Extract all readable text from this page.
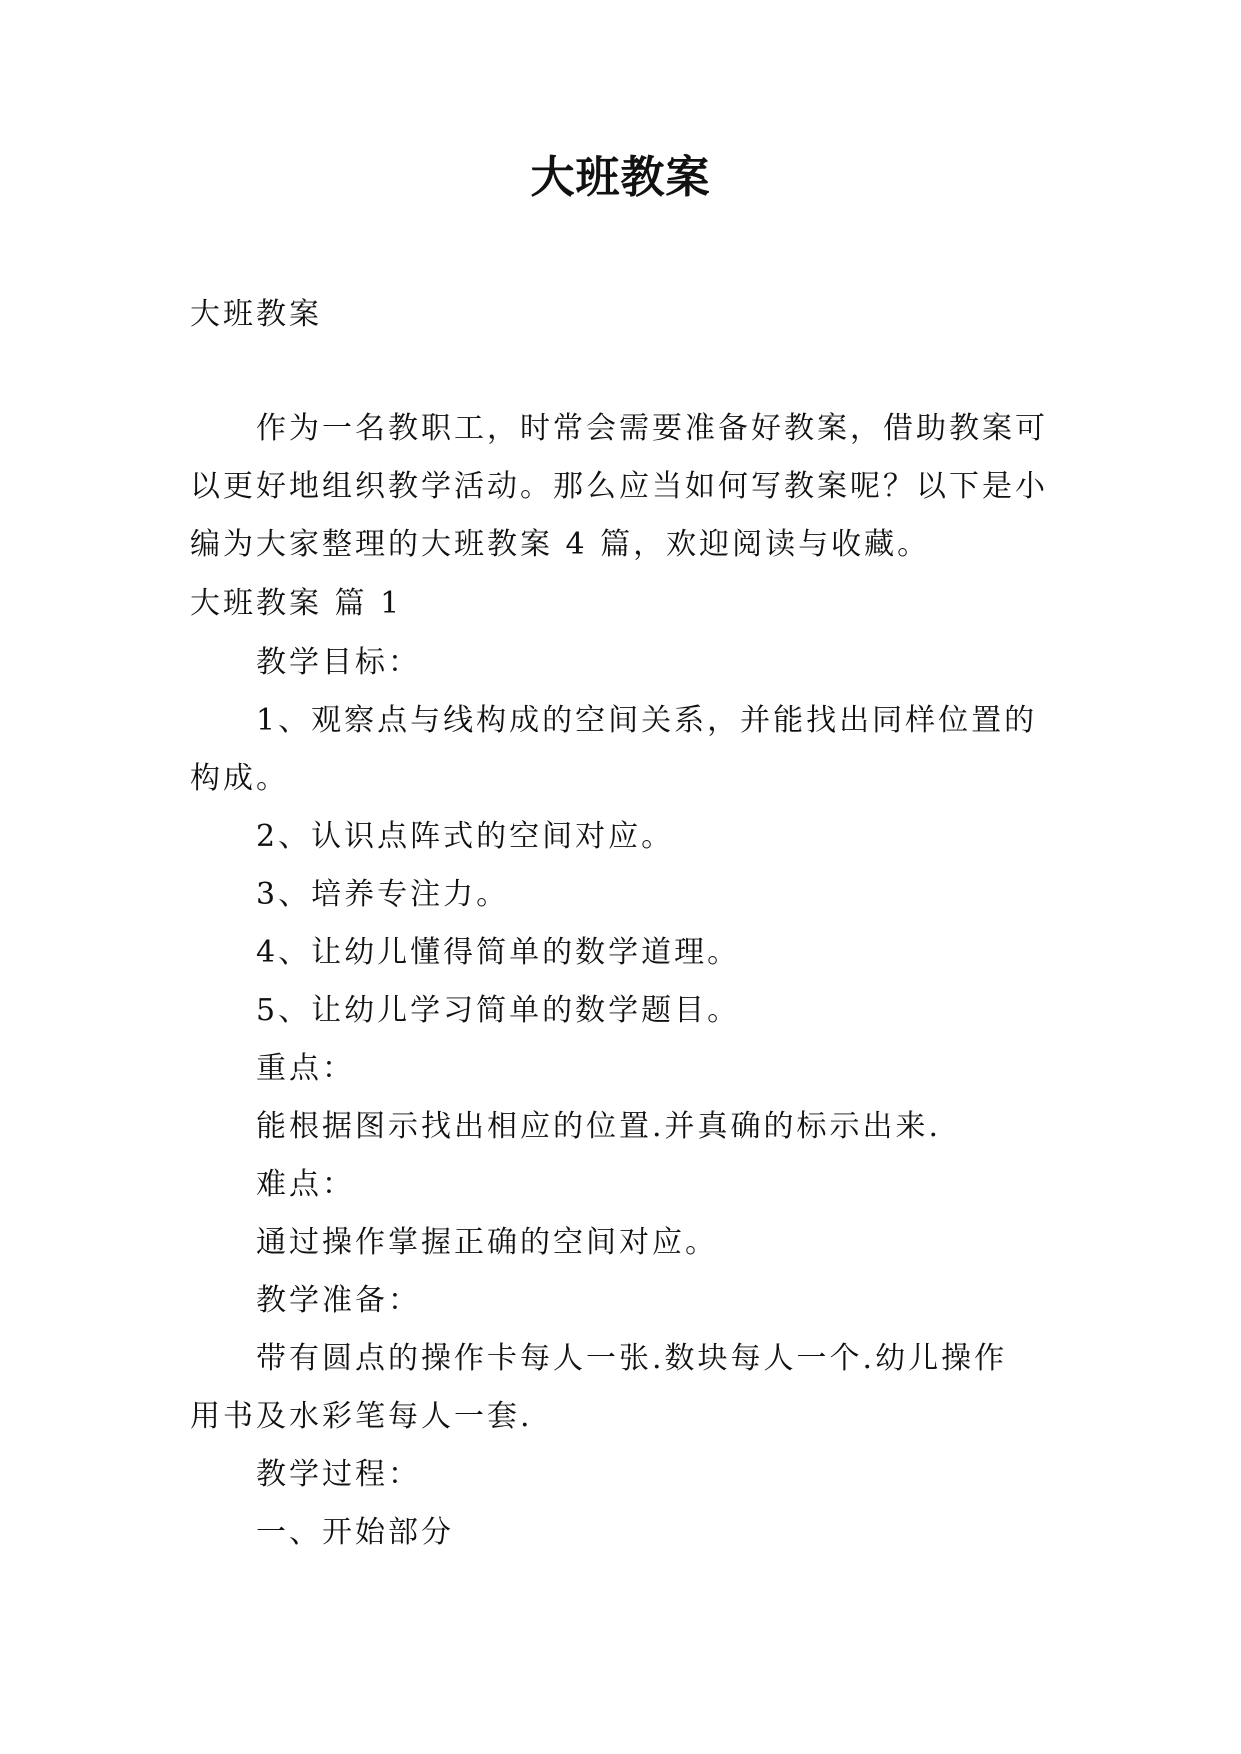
大班教案
大班教案
作为一名教职工，时常会需要准备好教案，借助教案可
以更好地组织教学活动。那么应当如何写教案呢？以下是小
编为大家整理的大班教案 4 篇，欢迎阅读与收藏。
大班教案 篇 1
教学目标：
1、观察点与线构成的空间关系，并能找出同样位置的
构成。
2、认识点阵式的空间对应。
3、培养专注力。
4、让幼儿懂得简单的数学道理。
5、让幼儿学习简单的数学题目。
重点：
能根据图示找出相应的位置.并真确的标示出来.
难点：
通过操作掌握正确的空间对应。
教学准备：
带有圆点的操作卡每人一张.数块每人一个.幼儿操作
用书及水彩笔每人一套.
教学过程：
一、开始部分
